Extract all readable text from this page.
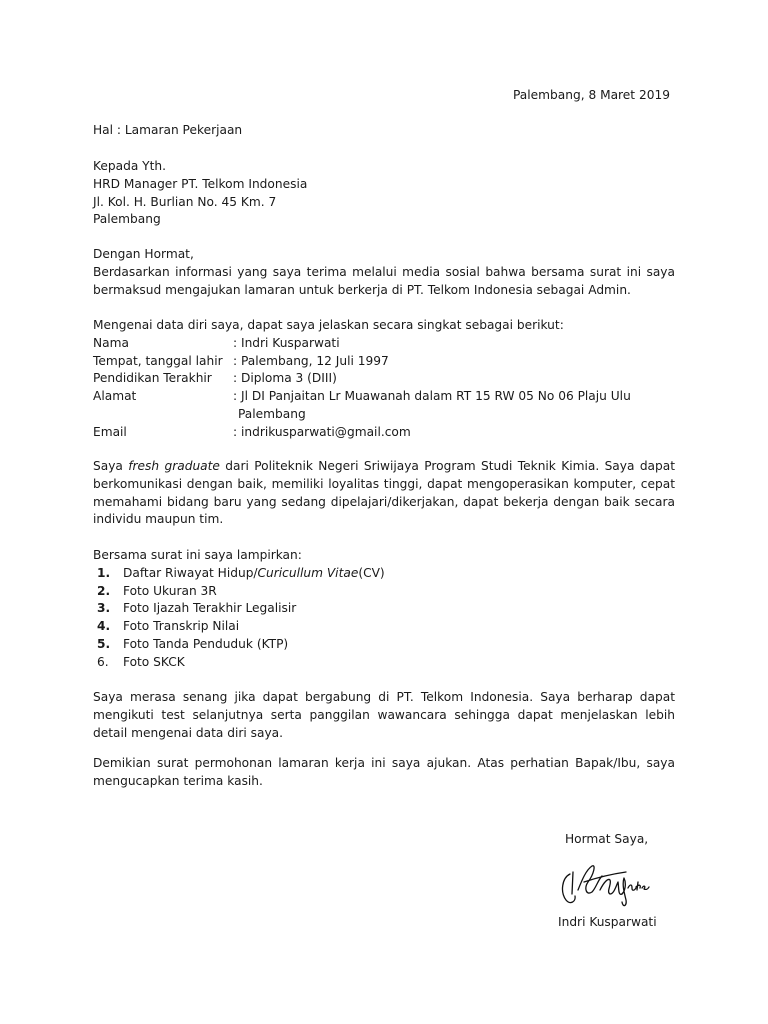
Palembang, 8 Maret 2019
Hal : Lamaran Pekerjaan
Kepada Yth.
HRD Manager PT. Telkom Indonesia
Jl. Kol. H. Burlian No. 45 Km. 7
Palembang
Dengan Hormat,
Berdasarkan informasi yang saya terima melalui media sosial bahwa bersama surat ini saya bermaksud mengajukan lamaran untuk berkerja di PT. Telkom Indonesia sebagai Admin.
Mengenai data diri saya, dapat saya jelaskan secara singkat sebagai berikut:
Nama	: Indri Kusparwati
Tempat, tanggal lahir : Palembang, 12 Juli 1997
Pendidikan Terakhir	: Diploma 3 (DIII)
Alamat	: Jl DI Panjaitan Lr Muawanah dalam RT 15 RW 05 No 06 Plaju Ulu
Palembang
Email	: indrikusparwati@gmail.com
Saya fresh graduate dari Politeknik Negeri Sriwijaya Program Studi Teknik Kimia. Saya dapat berkomunikasi dengan baik, memiliki loyalitas tinggi, dapat mengoperasikan komputer, cepat memahami bidang baru yang sedang dipelajari/dikerjakan, dapat bekerja dengan baik secara individu maupun tim.
Bersama surat ini saya lampirkan:
1.	Daftar Riwayat Hidup/Curicullum Vitae(CV)
2.	Foto Ukuran 3R
3.	Foto Ijazah Terakhir Legalisir
4.	Foto Transkrip Nilai
5.	Foto Tanda Penduduk (KTP)
6.	Foto SKCK
Saya merasa senang jika dapat bergabung di PT. Telkom Indonesia. Saya berharap dapat mengikuti test selanjutnya serta panggilan wawancara sehingga dapat menjelaskan lebih detail mengenai data diri saya.
Demikian surat permohonan lamaran kerja ini saya ajukan. Atas perhatian Bapak/Ibu, saya mengucapkan terima kasih.
Hormat Saya,
Indri Kusparwati
